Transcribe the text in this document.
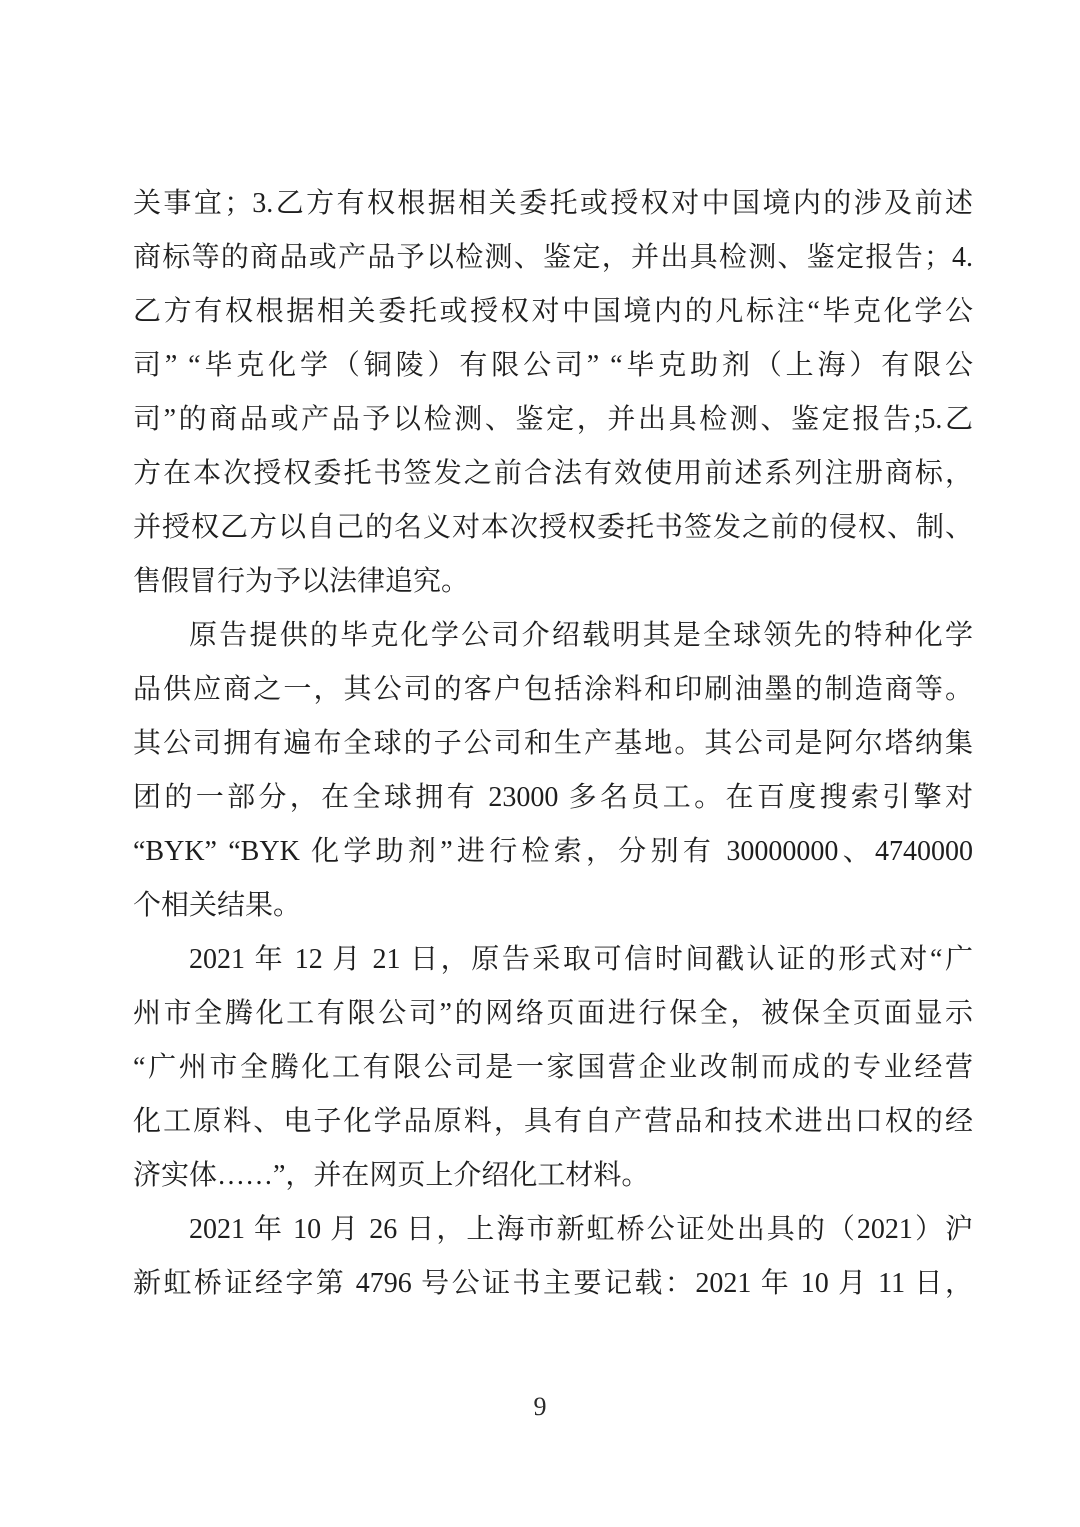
关事宜；3.乙方有权根据相关委托或授权对中国境内的涉及前述
商标等的商品或产品予以检测、鉴定，并出具检测、鉴定报告；4.
乙方有权根据相关委托或授权对中国境内的凡标注“毕克化学公
司” “毕克化学（铜陵）有限公司” “毕克助剂（上海）有限公
司”的商品或产品予以检测、鉴定，并出具检测、鉴定报告;5.乙
方在本次授权委托书签发之前合法有效使用前述系列注册商标，
并授权乙方以自己的名义对本次授权委托书签发之前的侵权、制、
售假冒行为予以法律追究。
原告提供的毕克化学公司介绍载明其是全球领先的特种化学
品供应商之一，其公司的客户包括涂料和印刷油墨的制造商等。
其公司拥有遍布全球的子公司和生产基地。其公司是阿尔塔纳集
团的一部分，在全球拥有 23000 多名员工。在百度搜索引擎对
“BYK” “BYK 化学助剂”进行检索，分别有 30000000、4740000
个相关结果。
2021 年 12 月 21 日，原告采取可信时间戳认证的形式对“广
州市全腾化工有限公司”的网络页面进行保全，被保全页面显示
“广州市全腾化工有限公司是一家国营企业改制而成的专业经营
化工原料、电子化学品原料，具有自产营品和技术进出口权的经
济实体……”，并在网页上介绍化工材料。
2021 年 10 月 26 日，上海市新虹桥公证处出具的（2021）沪
新虹桥证经字第 4796 号公证书主要记载：2021 年 10 月 11 日，
9
